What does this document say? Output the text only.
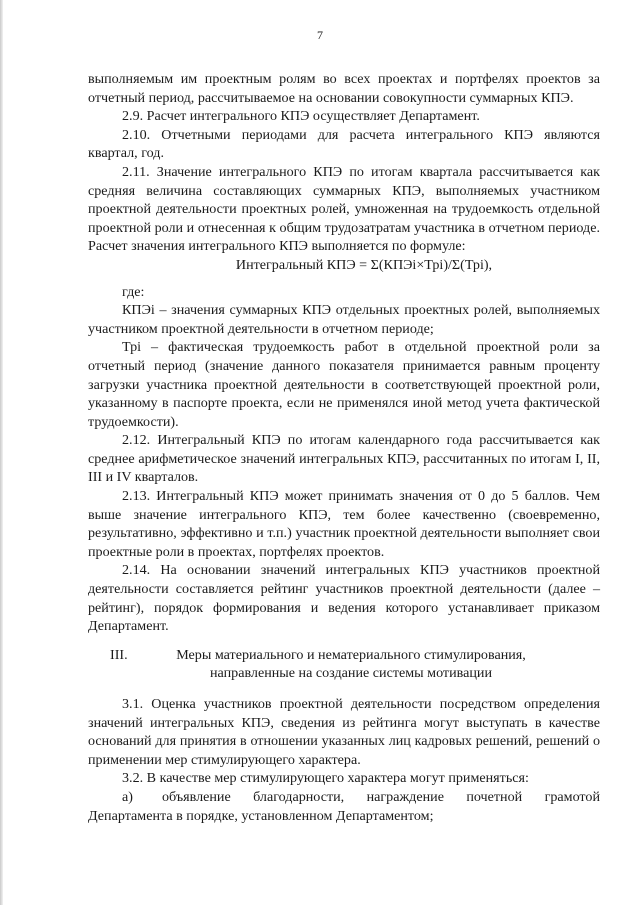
7

выполняемым им проектным ролям во всех проектах и портфелях проектов за отчетный период, рассчитываемое на основании совокупности суммарных КПЭ.

2.9. Расчет интегрального КПЭ осуществляет Департамент.

2.10. Отчетными периодами для расчета интегрального КПЭ являются квартал, год.

2.11. Значение интегрального КПЭ по итогам квартала рассчитывается как средняя величина составляющих суммарных КПЭ, выполняемых участником проектной деятельности проектных ролей, умноженная на трудоемкость отдельной проектной роли и отнесенная к общим трудозатратам участника в отчетном периоде. Расчет значения интегрального КПЭ выполняется по формуле:

Интегральный КПЭ = Σ(КПЭi×Трi)/Σ(Трi),

где:

КПЭi – значения суммарных КПЭ отдельных проектных ролей, выполняемых участником проектной деятельности в отчетном периоде;

Трi – фактическая трудоемкость работ в отдельной проектной роли за отчетный период (значение данного показателя принимается равным проценту загрузки участника проектной деятельности в соответствующей проектной роли, указанному в паспорте проекта, если не применялся иной метод учета фактической трудоемкости).

2.12. Интегральный КПЭ по итогам календарного года рассчитывается как среднее арифметическое значений интегральных КПЭ, рассчитанных по итогам I, II, III и IV кварталов.

2.13. Интегральный КПЭ может принимать значения от 0 до 5 баллов. Чем выше значение интегрального КПЭ, тем более качественно (своевременно, результативно, эффективно и т.п.) участник проектной деятельности выполняет свои проектные роли в проектах, портфелях проектов.

2.14. На основании значений интегральных КПЭ участников проектной деятельности составляется рейтинг участников проектной деятельности (далее – рейтинг), порядок формирования и ведения которого устанавливает приказом Департамент.

III.	Меры материального и нематериального стимулирования,
направленные на создание системы мотивации

3.1. Оценка участников проектной деятельности посредством определения значений интегральных КПЭ, сведения из рейтинга могут выступать в качестве оснований для принятия в отношении указанных лиц кадровых решений, решений о применении мер стимулирующего характера.

3.2. В качестве мер стимулирующего характера могут применяться:

а) объявление благодарности, награждение почетной грамотой Департамента в порядке, установленном Департаментом;
